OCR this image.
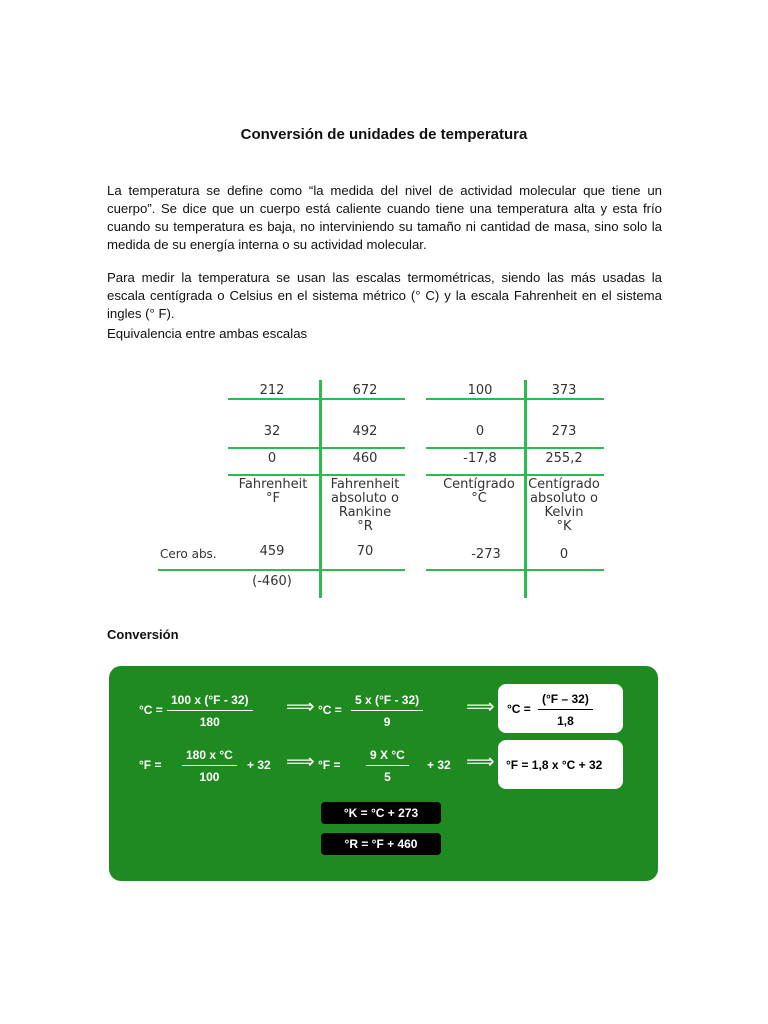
Conversión de unidades de temperatura

La temperatura se define como “la medida del nivel de actividad molecular que tiene un cuerpo”. Se dice que un cuerpo está caliente cuando tiene una temperatura alta y esta frío cuando su temperatura es baja, no interviniendo su tamaño ni cantidad de masa, sino solo la medida de su energía interna o su actividad molecular.

Para medir la temperatura se usan las escalas termométricas, siendo las más usadas la escala centígrada o Celsius en el sistema métrico (° C) y la escala Fahrenheit en el sistema ingles (° F).

Equivalencia entre ambas escalas

212
32
0
Fahrenheit
°F
459
(-460)
672
492
460
Fahrenheit
absoluto o
Rankine
°R
70
100
0
-17,8
Centígrado
°C
-273
373
273
255,2
Centígrado
absoluto o
Kelvin
°K
0
Cero abs.
Conversión
$^\circ C = \frac{100 x (^\circ F - 32)}{180}$ ⟹ $^\circ C = \frac{5 x (^\circ F - 32)}{9}$ ⟹ $^\circ C = \frac{(^\circ F - 32)}{1,8}$
$^\circ F = \frac{180 x ^\circ C}{100} + 32$ ⟹ $^\circ F = \frac{9 X ^\circ C}{5} + 32$ ⟹ °F = 1,8 x °C + 32
°K = °C + 273
°R = °F + 460
